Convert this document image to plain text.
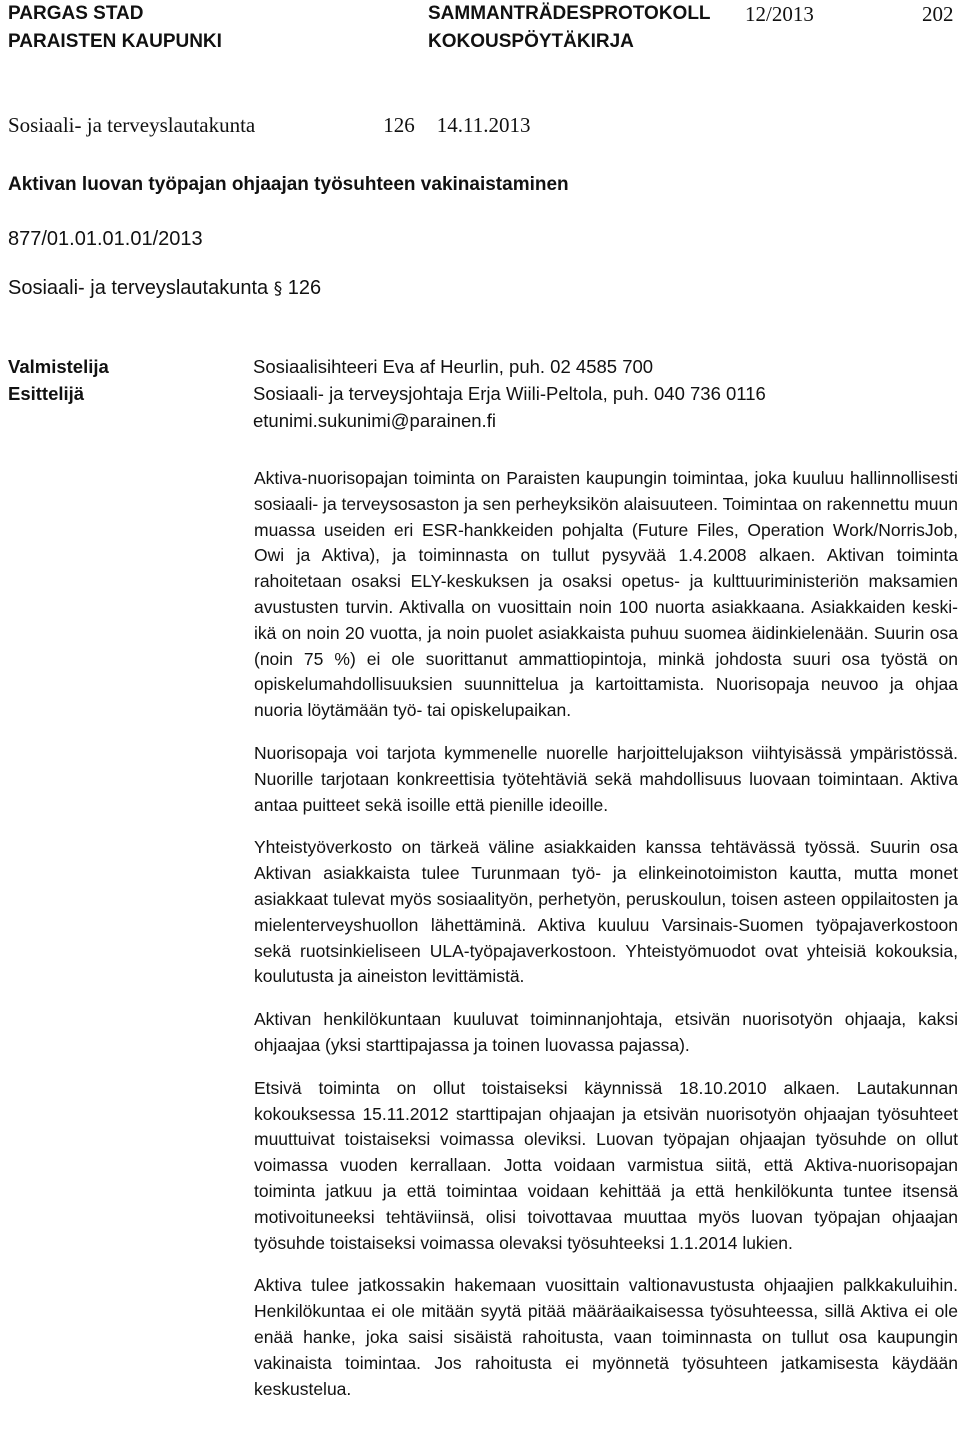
PARGAS STAD
PARAISTEN KAUPUNKI
SAMMANTRÄDESPROTOKOLL
KOKOUSPÖYTÄKIRJA
12/2013	202
Sosiaali- ja terveyslautakunta	126 14.11.2013
Aktivan luovan työpajan ohjaajan työsuhteen vakinaistaminen
877/01.01.01.01/2013
Sosiaali- ja terveyslautakunta § 126
Valmistelija	Sosiaalisihteeri Eva af Heurlin, puh. 02 4585 700
Esittelijä	Sosiaali- ja terveysjohtaja Erja Wiili-Peltola, puh. 040 736 0116
etunimi.sukunimi@parainen.fi

Aktiva-nuorisopajan toiminta on Paraisten kaupungin toimintaa, joka kuuluu hallinnollisesti sosiaali- ja terveysosaston ja sen perheyksikön alaisuuteen. Toimintaa on rakennettu muun muassa useiden eri ESR-hankkeiden pohjalta (Future Files, Operation Work/NorrisJob, Owi ja Aktiva), ja toiminnasta on tullut pysyvää 1.4.2008 alkaen. Aktivan toiminta rahoitetaan osaksi ELY-keskuksen ja osaksi opetus- ja kulttuuriministeriön maksamien avustusten turvin. Aktivalla on vuosittain noin 100 nuorta asiakkaana. Asiakkaiden keski-ikä on noin 20 vuotta, ja noin puolet asiakkaista puhuu suomea äidinkielenään. Suurin osa (noin 75 %) ei ole suorittanut ammattiopintoja, minkä johdosta suuri osa työstä on opiskelumahdollisuuksien suunnittelua ja kartoittamista. Nuorisopaja neuvoo ja ohjaa nuoria löytämään työ- tai opiskelupaikan.

Nuorisopaja voi tarjota kymmenelle nuorelle harjoittelujakson viihtyisässä ympäristössä. Nuorille tarjotaan konkreettisia työtehtäviä sekä mahdollisuus luovaan toimintaan. Aktiva antaa puitteet sekä isoille että pienille ideoille.

Yhteistyöverkosto on tärkeä väline asiakkaiden kanssa tehtävässä työssä. Suurin osa Aktivan asiakkaista tulee Turunmaan työ- ja elinkeinotoimiston kautta, mutta monet asiakkaat tulevat myös sosiaalityön, perhetyön, peruskoulun, toisen asteen oppilaitosten ja mielenterveyshuollon lähettäminä. Aktiva kuuluu Varsinais-Suomen työpajaverkostoon sekä ruotsinkieliseen ULA-työpajaverkostoon. Yhteistyömuodot ovat yhteisiä kokouksia, koulutusta ja aineiston levittämistä.

Aktivan henkilökuntaan kuuluvat toiminnanjohtaja, etsivän nuorisotyön ohjaaja, kaksi ohjaajaa (yksi starttipajassa ja toinen luovassa pajassa).

Etsivä toiminta on ollut toistaiseksi käynnissä 18.10.2010 alkaen. Lautakunnan kokouksessa 15.11.2012 starttipajan ohjaajan ja etsivän nuorisotyön ohjaajan työsuhteet muuttuivat toistaiseksi voimassa oleviksi. Luovan työpajan ohjaajan työsuhde on ollut voimassa vuoden kerrallaan. Jotta voidaan varmistua siitä, että Aktiva-nuorisopajan toiminta jatkuu ja että toimintaa voidaan kehittää ja että henkilökunta tuntee itsensä motivoituneeksi tehtäviinsä, olisi toivottavaa muuttaa myös luovan työpajan ohjaajan työsuhde toistaiseksi voimassa olevaksi työsuhteeksi 1.1.2014 lukien.

Aktiva tulee jatkossakin hakemaan vuosittain valtionavustusta ohjaajien palkkakuluihin. Henkilökuntaa ei ole mitään syytä pitää määräaikaisessa työsuhteessa, sillä Aktiva ei ole enää hanke, joka saisi sisäistä rahoitusta, vaan toiminnasta on tullut osa kaupungin vakinaista toimintaa. Jos rahoitusta ei myönnetä työsuhteen jatkamisesta käydään keskustelua.
